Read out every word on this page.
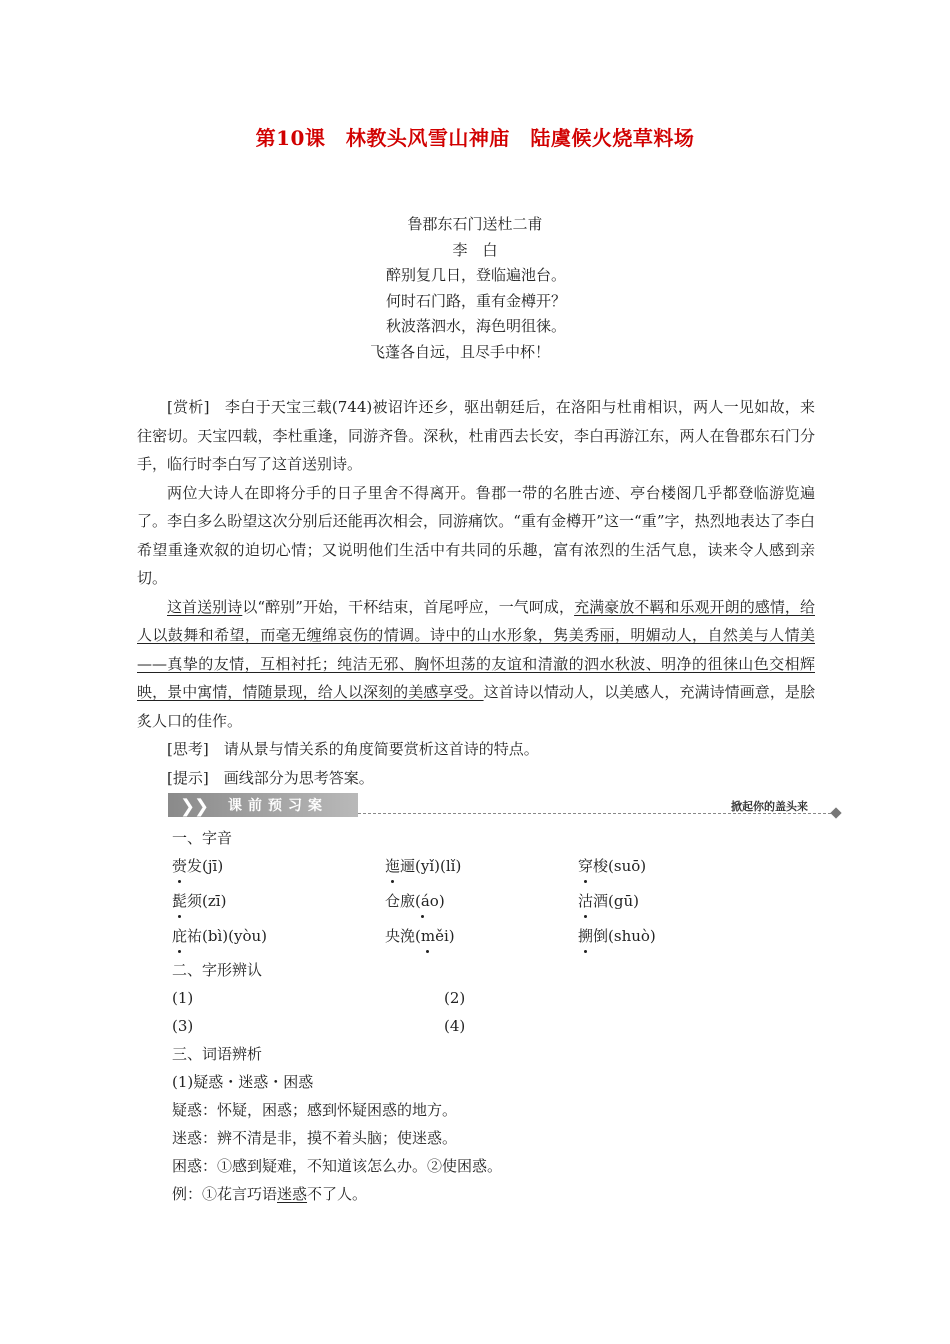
第10课　林教头风雪山神庙　陆虞候火烧草料场
鲁郡东石门送杜二甫
李　白
醉别复几日，登临遍池台。
何时石门路，重有金樽开？
秋波落泗水，海色明徂徕。
飞蓬各自远，且尽手中杯！

[赏析]　李白于天宝三载(744)被诏许还乡，驱出朝廷后，在洛阳与杜甫相识，两人一见如故，来往密切。天宝四载，李杜重逢，同游齐鲁。深秋，杜甫西去长安，李白再游江东，两人在鲁郡东石门分手，临行时李白写了这首送别诗。

两位大诗人在即将分手的日子里舍不得离开。鲁郡一带的名胜古迹、亭台楼阁几乎都登临游览遍了。李白多么盼望这次分别后还能再次相会，同游痛饮。“重有金樽开”这一“重”字，热烈地表达了李白希望重逢欢叙的迫切心情；又说明他们生活中有共同的乐趣，富有浓烈的生活气息，读来令人感到亲切。

这首送别诗以“醉别”开始，干杯结束，首尾呼应，一气呵成，充满豪放不羁和乐观开朗的感情，给人以鼓舞和希望，而毫无缠绵哀伤的情调。诗中的山水形象，隽美秀丽，明媚动人，自然美与人情美——真挚的友情，互相衬托；纯洁无邪、胸怀坦荡的友谊和清澈的泗水秋波、明净的徂徕山色交相辉映，景中寓情，情随景现，给人以深刻的美感享受。这首诗以情动人，以美感人，充满诗情画意，是脍炙人口的佳作。

[思考]　请从景与情关系的角度简要赏析这首诗的特点。

[提示]　画线部分为思考答案。

❯
❯ 课前预习案	掀起你的盖头来
一、字音
赍发(jī)	迤逦(yǐ)(lǐ)	穿梭(suō)
髭须(zī)	仓廒(áo)	沽酒(gū)
庇祐(bì)(yòu)	央浼(měi)	搠倒(shuò)
二、字形辨认
(1)	(2)
(3)	(4)
三、词语辨析
(1)疑惑・迷惑・困惑
疑惑：怀疑，困惑；感到怀疑困惑的地方。
迷惑：辨不清是非，摸不着头脑；使迷惑。
困惑：①感到疑难，不知道该怎么办。②使困惑。
例：①花言巧语迷惑不了人。
